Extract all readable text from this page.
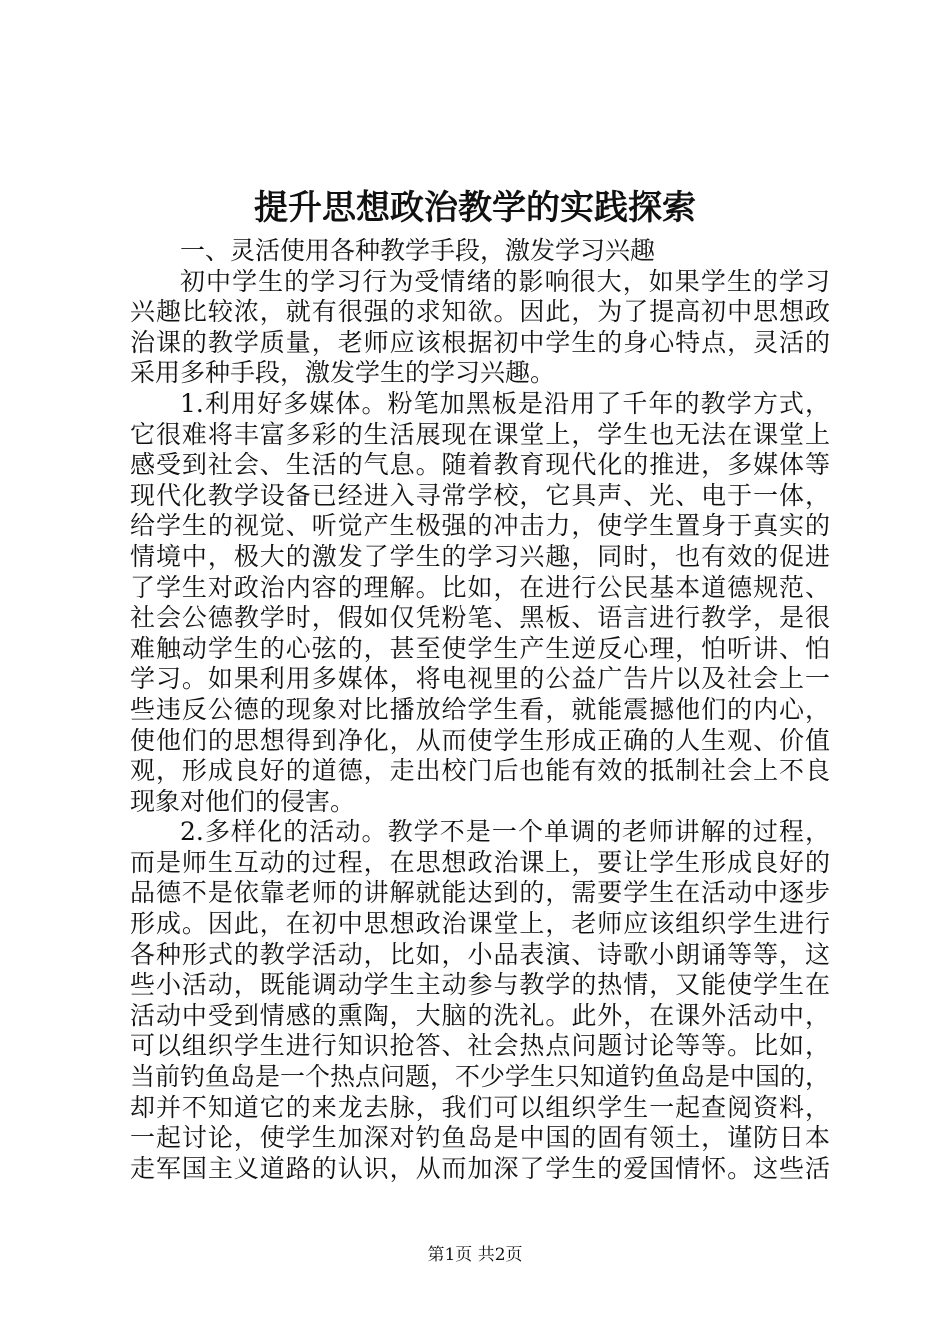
提升思想政治教学的实践探索
一、灵活使用各种教学手段，激发学习兴趣
初中学生的学习行为受情绪的影响很大，如果学生的学习
兴趣比较浓，就有很强的求知欲。因此，为了提高初中思想政
治课的教学质量，老师应该根据初中学生的身心特点，灵活的
采用多种手段，激发学生的学习兴趣。
1.利用好多媒体。粉笔加黑板是沿用了千年的教学方式，
它很难将丰富多彩的生活展现在课堂上，学生也无法在课堂上
感受到社会、生活的气息。随着教育现代化的推进，多媒体等
现代化教学设备已经进入寻常学校，它具声、光、电于一体，
给学生的视觉、听觉产生极强的冲击力，使学生置身于真实的
情境中，极大的激发了学生的学习兴趣，同时，也有效的促进
了学生对政治内容的理解。比如，在进行公民基本道德规范、
社会公德教学时，假如仅凭粉笔、黑板、语言进行教学，是很
难触动学生的心弦的，甚至使学生产生逆反心理，怕听讲、怕
学习。如果利用多媒体，将电视里的公益广告片以及社会上一
些违反公德的现象对比播放给学生看，就能震撼他们的内心，
使他们的思想得到净化，从而使学生形成正确的人生观、价值
观，形成良好的道德，走出校门后也能有效的抵制社会上不良
现象对他们的侵害。
2.多样化的活动。教学不是一个单调的老师讲解的过程，
而是师生互动的过程，在思想政治课上，要让学生形成良好的
品德不是依靠老师的讲解就能达到的，需要学生在活动中逐步
形成。因此，在初中思想政治课堂上，老师应该组织学生进行
各种形式的教学活动，比如，小品表演、诗歌小朗诵等等，这
些小活动，既能调动学生主动参与教学的热情，又能使学生在
活动中受到情感的熏陶，大脑的洗礼。此外，在课外活动中，
可以组织学生进行知识抢答、社会热点问题讨论等等。比如，
当前钓鱼岛是一个热点问题，不少学生只知道钓鱼岛是中国的，
却并不知道它的来龙去脉，我们可以组织学生一起查阅资料，
一起讨论，使学生加深对钓鱼岛是中国的固有领土，谨防日本
走军国主义道路的认识，从而加深了学生的爱国情怀。这些活
第1页 共2页
